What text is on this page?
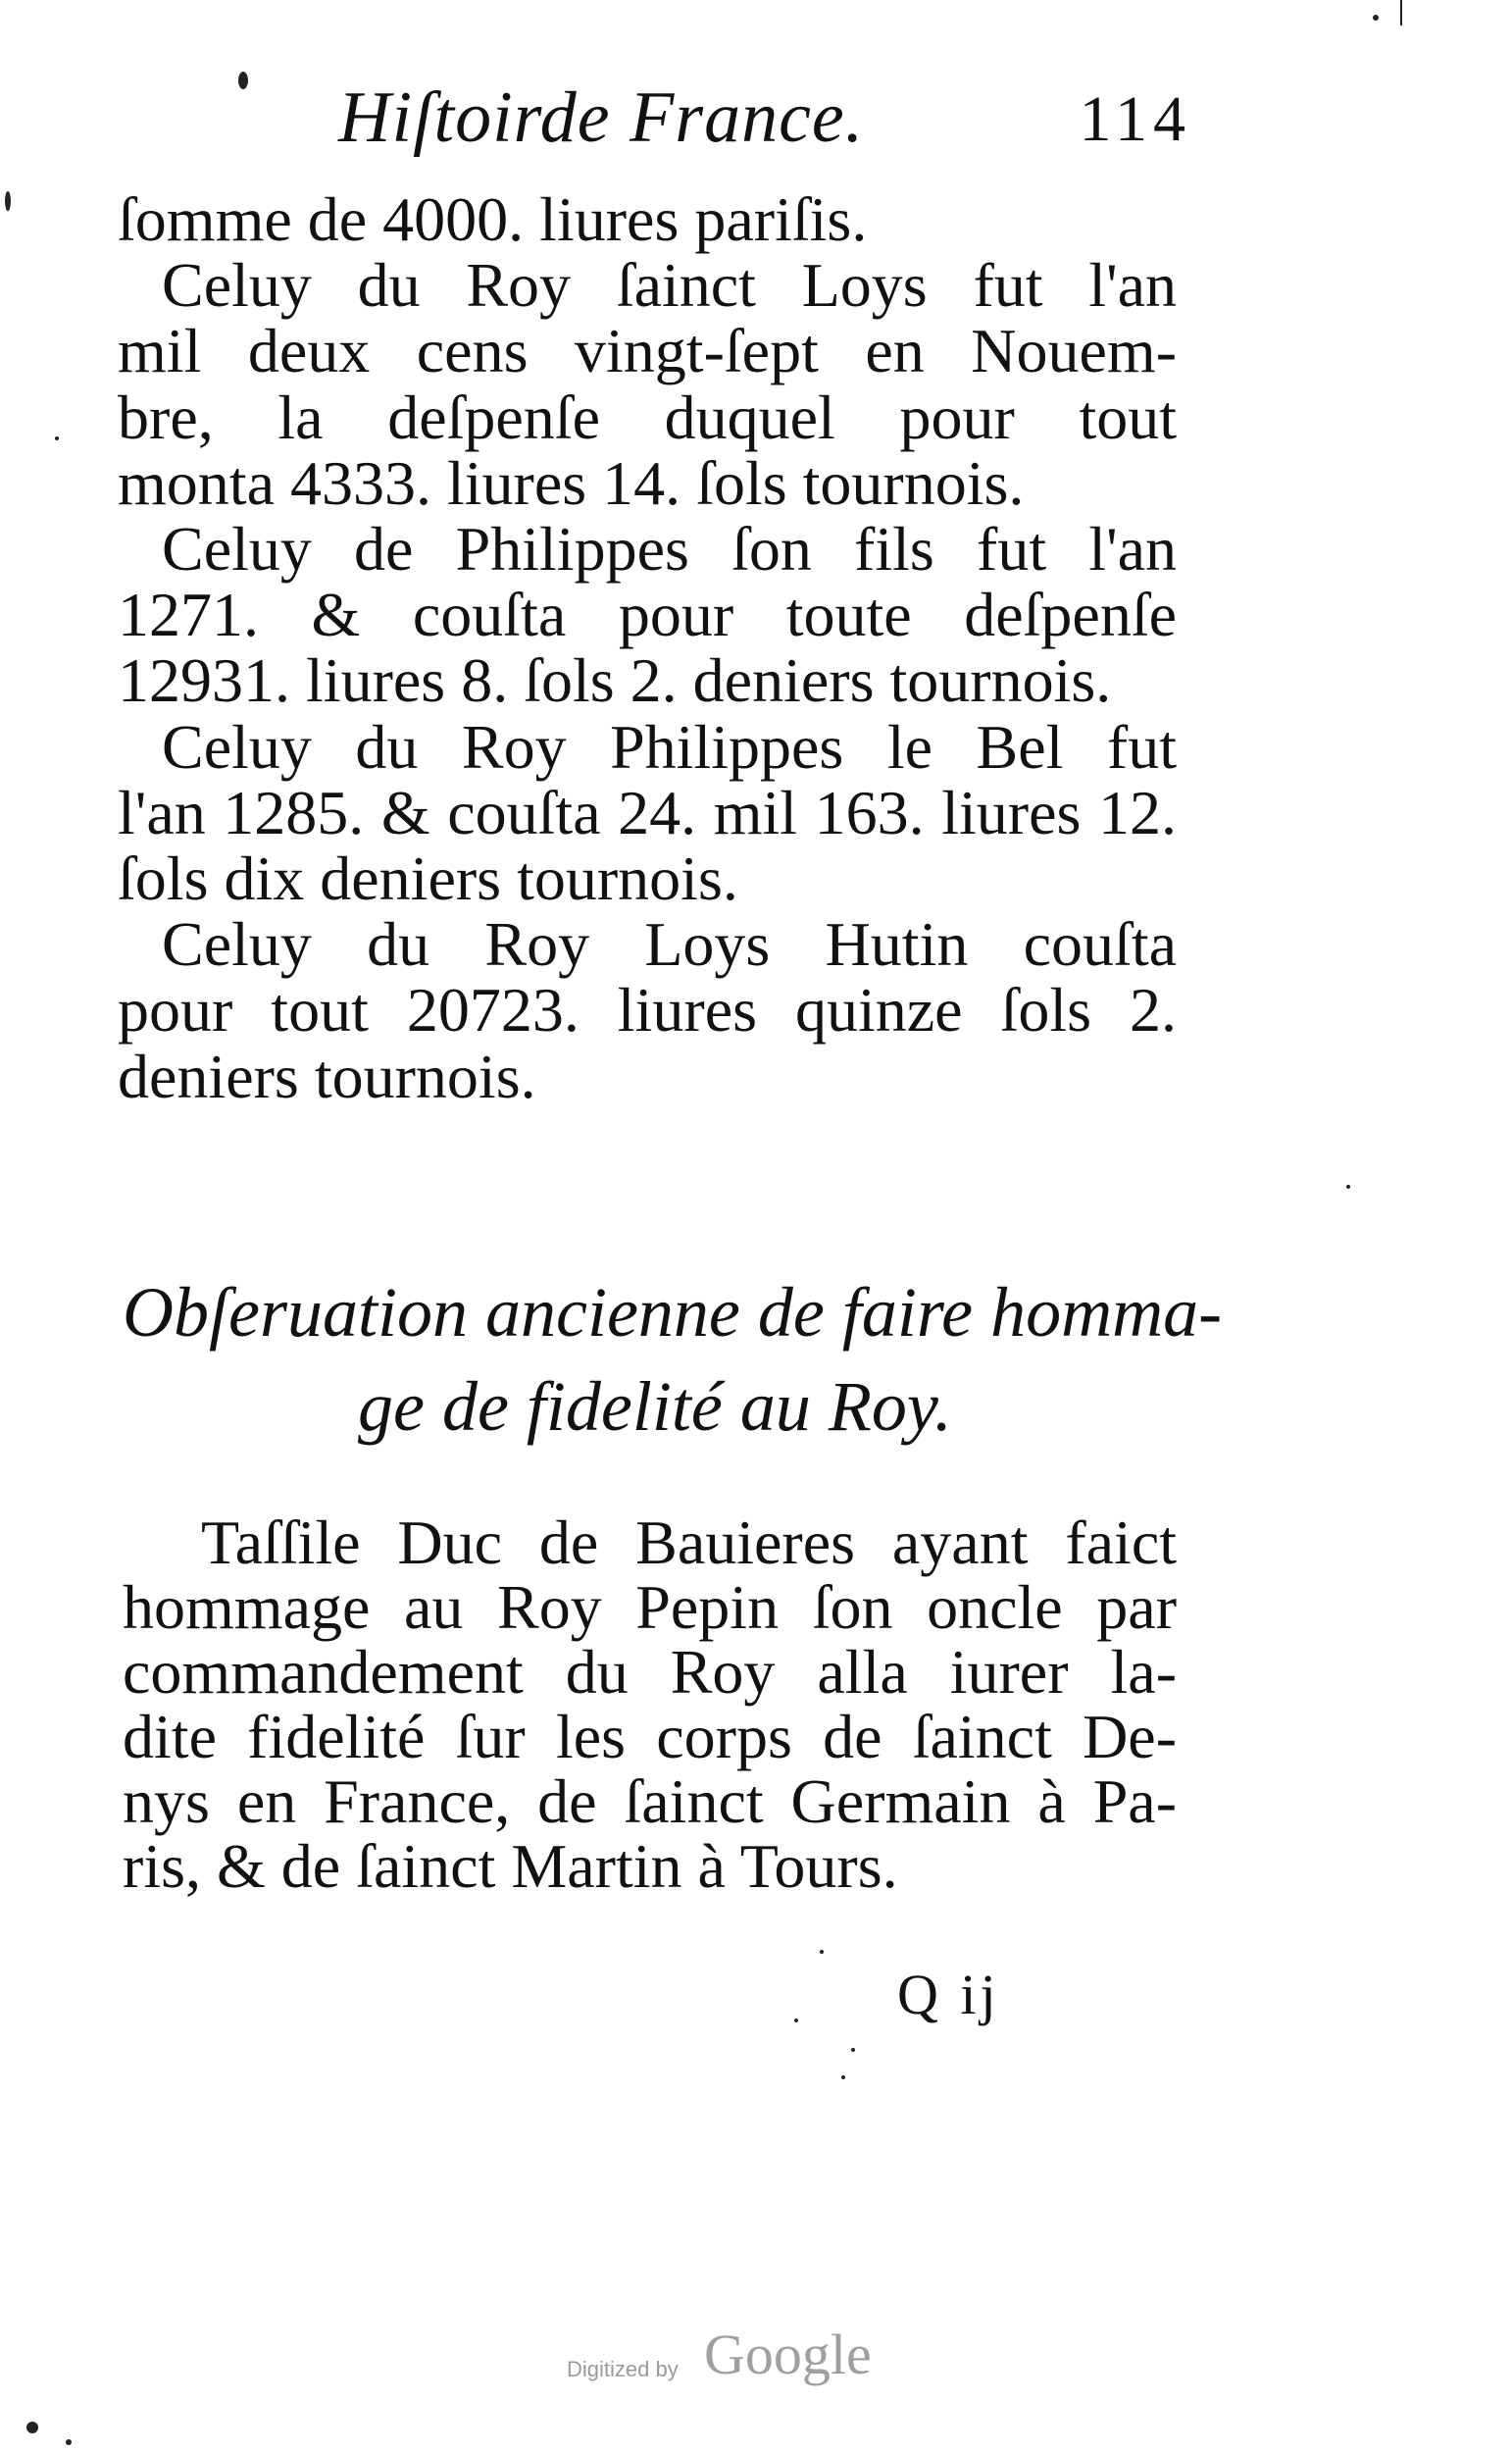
Hiſtoirde France.	114
ſomme de 4000. liures pariſis.
Celuy du Roy ſainct Loys fut l'an
mil deux cens vingt-ſept en Nouem-
bre, la deſpenſe duquel pour tout
monta 4333. liures 14. ſols tournois.
Celuy de Philippes ſon fils fut l'an
1271. & couſta pour toute deſpenſe
12931. liures 8. ſols 2. deniers tournois.
Celuy du Roy Philippes le Bel fut
l'an 1285. & couſta 24. mil 163. liures 12.
ſols dix deniers tournois.
Celuy du Roy Loys Hutin couſta
pour tout 20723. liures quinze ſols 2.
deniers tournois.
Obſeruation ancienne de faire homma-
ge de fidelité au Roy.
Taſſile Duc de Bauieres ayant faict
hommage au Roy Pepin ſon oncle par
commandement du Roy alla iurer la-
dite fidelité ſur les corps de ſainct De-
nys en France, de ſainct Germain à Pa-
ris, & de ſainct Martin à Tours.
Q ij
Digitized by Google
